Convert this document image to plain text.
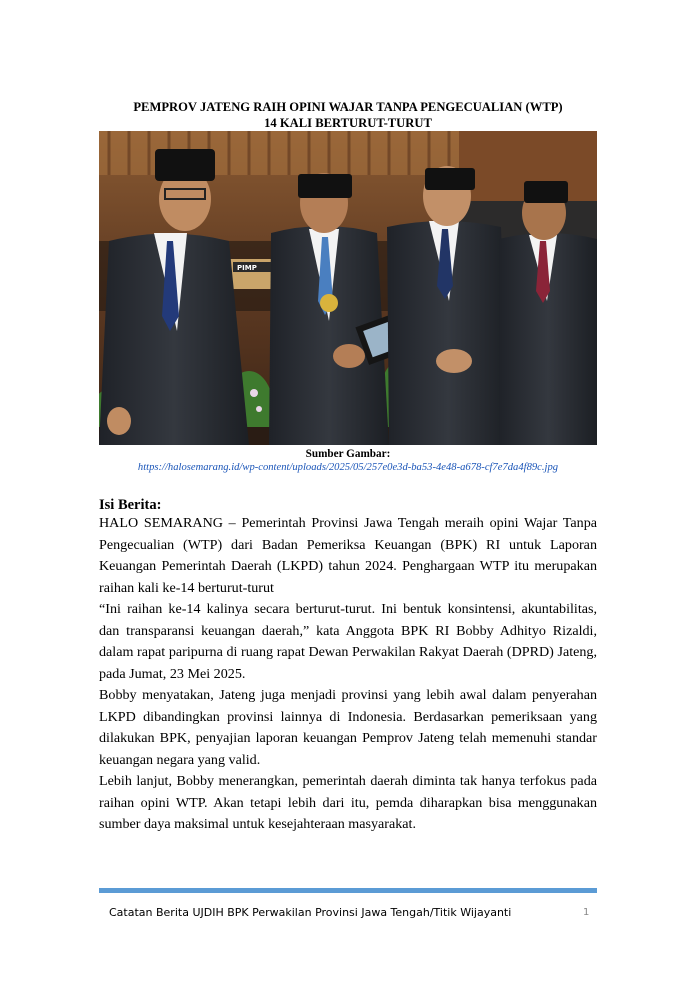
PEMPROV JATENG RAIH OPINI WAJAR TANPA PENGECUALIAN (WTP)
14 KALI BERTURUT-TURUT
PIMP
Sumber Gambar:
https://halosemarang.id/wp-content/uploads/2025/05/257e0e3d-ba53-4e48-a678-cf7e7da4f89c.jpg
Isi Berita:

HALO SEMARANG – Pemerintah Provinsi Jawa Tengah meraih opini Wajar Tanpa Pengecualian (WTP) dari Badan Pemeriksa Keuangan (BPK) RI untuk Laporan Keuangan Pemerintah Daerah (LKPD) tahun 2024. Penghargaan WTP itu merupakan raihan kali ke-14 berturut-turut

“Ini raihan ke-14 kalinya secara berturut-turut. Ini bentuk konsintensi, akuntabilitas, dan transparansi keuangan daerah,” kata Anggota BPK RI Bobby Adhityo Rizaldi, dalam rapat paripurna di ruang rapat Dewan Perwakilan Rakyat Daerah (DPRD) Jateng, pada Jumat, 23 Mei 2025.

Bobby menyatakan, Jateng juga menjadi provinsi yang lebih awal dalam penyerahan LKPD dibandingkan provinsi lainnya di Indonesia. Berdasarkan pemeriksaan yang dilakukan BPK, penyajian laporan keuangan Pemprov Jateng telah memenuhi standar keuangan negara yang valid.

Lebih lanjut, Bobby menerangkan, pemerintah daerah diminta tak hanya terfokus pada raihan opini WTP. Akan tetapi lebih dari itu, pemda diharapkan bisa menggunakan sumber daya maksimal untuk kesejahteraan masyarakat.

Catatan Berita UJDIH BPK Perwakilan Provinsi Jawa Tengah/Titik Wijayanti	1
